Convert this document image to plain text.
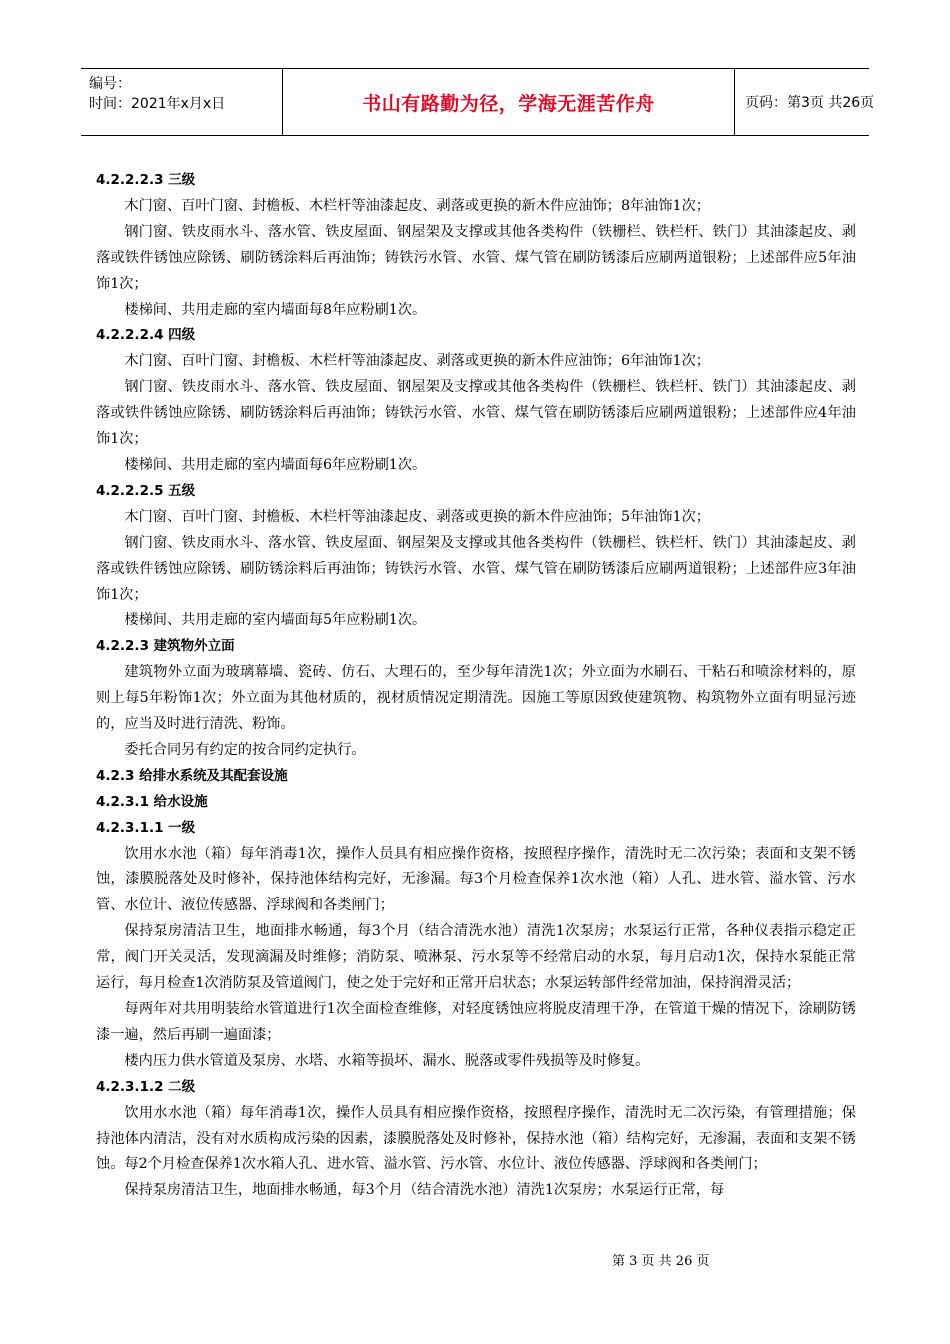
编号：
时间：2021年x月x日	书山有路勤为径，学海无涯苦作舟	页码：第3页 共26页

4.2.2.2.3 三级

木门窗、百叶门窗、封檐板、木栏杆等油漆起皮、剥落或更换的新木件应油饰；8年油饰1次；

钢门窗、铁皮雨水斗、落水管、铁皮屋面、钢屋架及支撑或其他各类构件（铁栅栏、铁栏杆、铁门）其油漆起皮、剥落或铁件锈蚀应除锈、刷防锈涂料后再油饰；铸铁污水管、水管、煤气管在刷防锈漆后应刷两道银粉；上述部件应5年油饰1次；

楼梯间、共用走廊的室内墙面每8年应粉刷1次。

4.2.2.2.4 四级

木门窗、百叶门窗、封檐板、木栏杆等油漆起皮、剥落或更换的新木件应油饰；6年油饰1次；

钢门窗、铁皮雨水斗、落水管、铁皮屋面、钢屋架及支撑或其他各类构件（铁栅栏、铁栏杆、铁门）其油漆起皮、剥落或铁件锈蚀应除锈、刷防锈涂料后再油饰；铸铁污水管、水管、煤气管在刷防锈漆后应刷两道银粉；上述部件应4年油饰1次；

楼梯间、共用走廊的室内墙面每6年应粉刷1次。

4.2.2.2.5 五级

木门窗、百叶门窗、封檐板、木栏杆等油漆起皮、剥落或更换的新木件应油饰；5年油饰1次；

钢门窗、铁皮雨水斗、落水管、铁皮屋面、钢屋架及支撑或其他各类构件（铁栅栏、铁栏杆、铁门）其油漆起皮、剥落或铁件锈蚀应除锈、刷防锈涂料后再油饰；铸铁污水管、水管、煤气管在刷防锈漆后应刷两道银粉；上述部件应3年油饰1次；

楼梯间、共用走廊的室内墙面每5年应粉刷1次。

4.2.2.3 建筑物外立面

建筑物外立面为玻璃幕墙、瓷砖、仿石、大理石的，至少每年清洗1次；外立面为水刷石、干粘石和喷涂材料的，原则上每5年粉饰1次；外立面为其他材质的，视材质情况定期清洗。因施工等原因致使建筑物、构筑物外立面有明显污迹的，应当及时进行清洗、粉饰。

委托合同另有约定的按合同约定执行。

4.2.3 给排水系统及其配套设施

4.2.3.1 给水设施

4.2.3.1.1 一级

饮用水水池（箱）每年消毒1次，操作人员具有相应操作资格，按照程序操作，清洗时无二次污染；表面和支架不锈蚀，漆膜脱落处及时修补，保持池体结构完好，无渗漏。每3个月检查保养1次水池（箱）人孔、进水管、溢水管、污水管、水位计、液位传感器、浮球阀和各类闸门；

保持泵房清洁卫生，地面排水畅通，每3个月（结合清洗水池）清洗1次泵房；水泵运行正常，各种仪表指示稳定正常，阀门开关灵活，发现滴漏及时维修；消防泵、喷淋泵、污水泵等不经常启动的水泵，每月启动1次，保持水泵能正常运行，每月检查1次消防泵及管道阀门，使之处于完好和正常开启状态；水泵运转部件经常加油，保持润滑灵活；

每两年对共用明装给水管道进行1次全面检查维修，对轻度锈蚀应将脱皮清理干净，在管道干燥的情况下，涂刷防锈漆一遍，然后再刷一遍面漆；

楼内压力供水管道及泵房、水塔、水箱等损坏、漏水、脱落或零件残损等及时修复。

4.2.3.1.2 二级

饮用水水池（箱）每年消毒1次，操作人员具有相应操作资格，按照程序操作，清洗时无二次污染，有管理措施；保持池体内清洁，没有对水质构成污染的因素，漆膜脱落处及时修补，保持水池（箱）结构完好，无渗漏，表面和支架不锈蚀。每2个月检查保养1次水箱人孔、进水管、溢水管、污水管、水位计、液位传感器、浮球阀和各类闸门；

保持泵房清洁卫生，地面排水畅通，每3个月（结合清洗水池）清洗1次泵房；水泵运行正常，每

第 3 页 共 26 页
